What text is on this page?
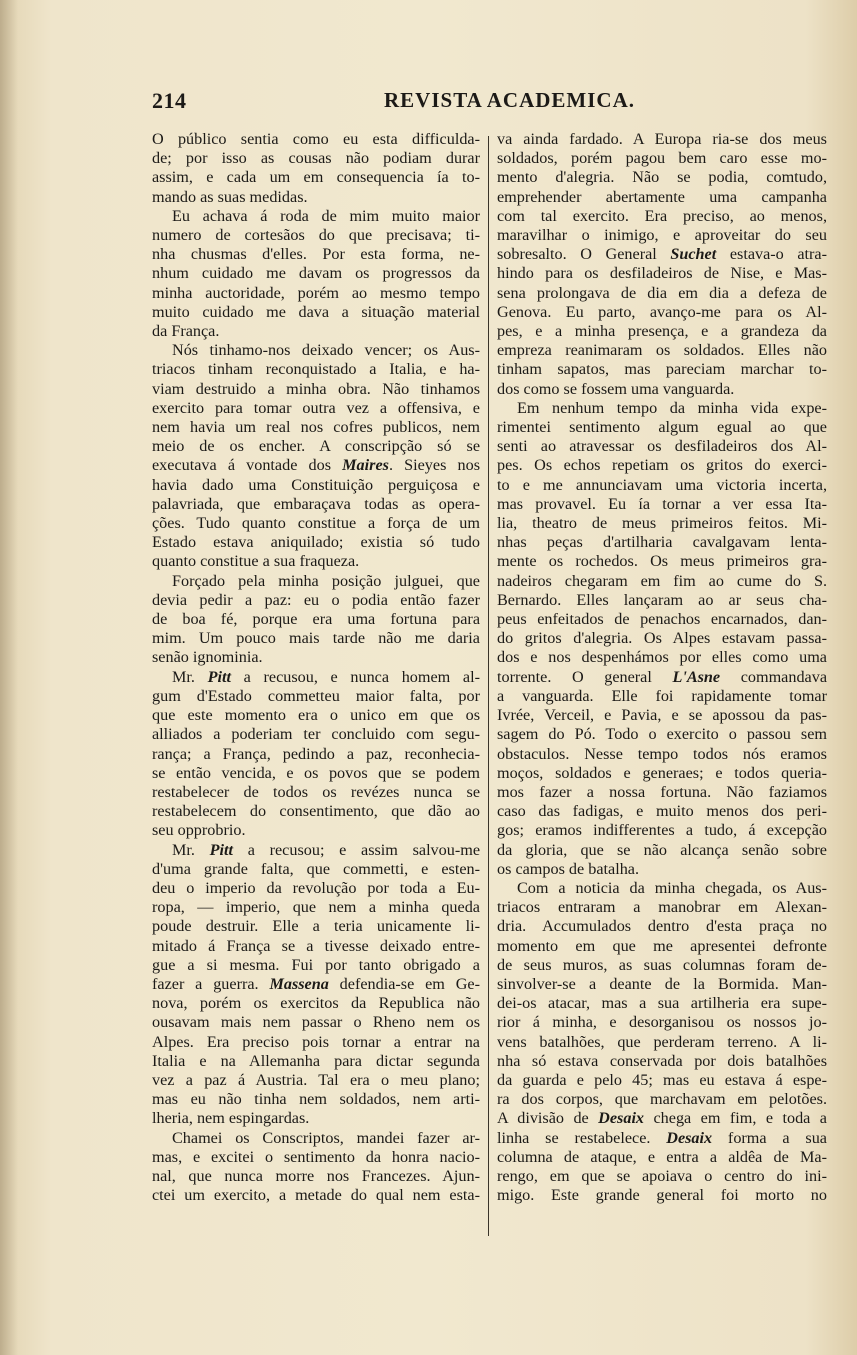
214	REVISTA ACADEMICA.
O público sentia como eu esta difficulda-
de; por isso as cousas não podiam durar
assim, e cada um em consequencia ía to-
mando as suas medidas.
Eu achava á roda de mim muito maior
numero de cortesãos do que precisava; ti-
nha chusmas d'elles. Por esta forma, ne-
nhum cuidado me davam os progressos da
minha auctoridade, porém ao mesmo tempo
muito cuidado me dava a situação material
da França.
Nós tinhamo-nos deixado vencer; os Aus-
triacos tinham reconquistado a Italia, e ha-
viam destruido a minha obra. Não tinhamos
exercito para tomar outra vez a offensiva, e
nem havia um real nos cofres publicos, nem
meio de os encher. A conscripção só se
executava á vontade dos Maires. Sieyes nos
havia dado uma Constituição perguiçosa e
palavriada, que embaraçava todas as opera-
ções. Tudo quanto constitue a força de um
Estado estava aniquilado; existia só tudo
quanto constitue a sua fraqueza.
Forçado pela minha posição julguei, que
devia pedir a paz: eu o podia então fazer
de boa fé, porque era uma fortuna para
mim. Um pouco mais tarde não me daria
senão ignominia.
Mr. Pitt a recusou, e nunca homem al-
gum d'Estado commetteu maior falta, por
que este momento era o unico em que os
alliados a poderiam ter concluido com segu-
rança; a França, pedindo a paz, reconhecia-
se então vencida, e os povos que se podem
restabelecer de todos os revézes nunca se
restabelecem do consentimento, que dão ao
seu opprobrio.
Mr. Pitt a recusou; e assim salvou-me
d'uma grande falta, que commetti, e esten-
deu o imperio da revolução por toda a Eu-
ropa, — imperio, que nem a minha queda
poude destruir. Elle a teria unicamente li-
mitado á França se a tivesse deixado entre-
gue a si mesma. Fui por tanto obrigado a
fazer a guerra. Massena defendia-se em Ge-
nova, porém os exercitos da Republica não
ousavam mais nem passar o Rheno nem os
Alpes. Era preciso pois tornar a entrar na
Italia e na Allemanha para dictar segunda
vez a paz á Austria. Tal era o meu plano;
mas eu não tinha nem soldados, nem arti-
lheria, nem espingardas.
Chamei os Conscriptos, mandei fazer ar-
mas, e excitei o sentimento da honra nacio-
nal, que nunca morre nos Francezes. Ajun-
ctei um exercito, a metade do qual nem esta-
va ainda fardado. A Europa ria-se dos meus
soldados, porém pagou bem caro esse mo-
mento d'alegria. Não se podia, comtudo,
emprehender abertamente uma campanha
com tal exercito. Era preciso, ao menos,
maravilhar o inimigo, e aproveitar do seu
sobresalto. O General Suchet estava-o atra-
hindo para os desfiladeiros de Nise, e Mas-
sena prolongava de dia em dia a defeza de
Genova. Eu parto, avanço-me para os Al-
pes, e a minha presença, e a grandeza da
empreza reanimaram os soldados. Elles não
tinham sapatos, mas pareciam marchar to-
dos como se fossem uma vanguarda.
Em nenhum tempo da minha vida expe-
rimentei sentimento algum egual ao que
senti ao atravessar os desfiladeiros dos Al-
pes. Os echos repetiam os gritos do exerci-
to e me annunciavam uma victoria incerta,
mas provavel. Eu ía tornar a ver essa Ita-
lia, theatro de meus primeiros feitos. Mi-
nhas peças d'artilharia cavalgavam lenta-
mente os rochedos. Os meus primeiros gra-
nadeiros chegaram em fim ao cume do S.
Bernardo. Elles lançaram ao ar seus cha-
peus enfeitados de penachos encarnados, dan-
do gritos d'alegria. Os Alpes estavam passa-
dos e nos despenhámos por elles como uma
torrente. O general L'Asne commandava
a vanguarda. Elle foi rapidamente tomar
Ivrée, Verceil, e Pavia, e se apossou da pas-
sagem do Pó. Todo o exercito o passou sem
obstaculos. Nesse tempo todos nós eramos
moços, soldados e generaes; e todos queria-
mos fazer a nossa fortuna. Não faziamos
caso das fadigas, e muito menos dos peri-
gos; eramos indifferentes a tudo, á excepção
da gloria, que se não alcança senão sobre
os campos de batalha.
Com a noticia da minha chegada, os Aus-
triacos entraram a manobrar em Alexan-
dria. Accumulados dentro d'esta praça no
momento em que me apresentei defronte
de seus muros, as suas columnas foram de-
sinvolver-se a deante de la Bormida. Man-
dei-os atacar, mas a sua artilheria era supe-
rior á minha, e desorganisou os nossos jo-
vens batalhões, que perderam terreno. A li-
nha só estava conservada por dois batalhões
da guarda e pelo 45; mas eu estava á espe-
ra dos corpos, que marchavam em pelotões.
A divisão de Desaix chega em fim, e toda a
linha se restabelece. Desaix forma a sua
columna de ataque, e entra a aldêa de Ma-
rengo, em que se apoiava o centro do ini-
migo. Este grande general foi morto no
